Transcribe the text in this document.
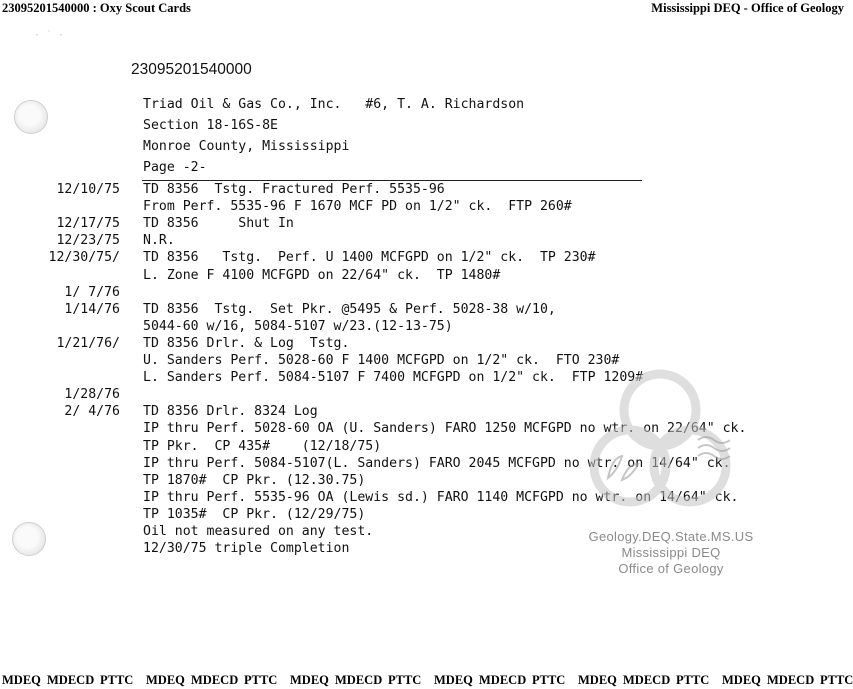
23095201540000 : Oxy Scout Cards	Mississippi DEQ - Office of Geology
· ˙ ·
23095201540000
Triad Oil & Gas Co., Inc.   #6, T. A. Richardson
Section 18-16S-8E
Monroe County, Mississippi
Page -2-
12/10/75 TD 8356  Tstg. Fractured Perf. 5535-96
From Perf. 5535-96 F 1670 MCF PD on 1/2" ck.  FTP 260#
12/17/75 TD 8356     Shut In
12/23/75 N.R.
12/30/75/ TD 8356   Tstg.  Perf. U 1400 MCFGPD on 1/2" ck.  TP 230#
L. Zone F 4100 MCFGPD on 22/64" ck.  TP 1480#
1/ 7/76
1/14/76 TD 8356  Tstg.  Set Pkr. @5495 & Perf. 5028-38 w/10,
5044-60 w/16, 5084-5107 w/23.(12-13-75)
1/21/76/ TD 8356 Drlr. & Log  Tstg.
U. Sanders Perf. 5028-60 F 1400 MCFGPD on 1/2" ck.  FTO 230#
L. Sanders Perf. 5084-5107 F 7400 MCFGPD on 1/2" ck.  FTP 1209#
1/28/76
2/ 4/76 TD 8356 Drlr. 8324 Log
IP thru Perf. 5028-60 OA (U. Sanders) FARO 1250 MCFGPD no wtr. on 22/64" ck.
TP Pkr.  CP 435#    (12/18/75)
IP thru Perf. 5084-5107(L. Sanders) FARO 2045 MCFGPD no wtr. on 14/64" ck.
TP 1870#  CP Pkr. (12.30.75)
IP thru Perf. 5535-96 OA (Lewis sd.) FARO 1140 MCFGPD no wtr. on 14/64" ck.
TP 1035#  CP Pkr. (12/29/75)
Oil not measured on any test.
12/30/75 triple Completion
Geology.DEQ.State.MS.US
Mississippi DEQ
Office of Geology
MDEQ MDECD PTTC MDEQ MDECD PTTC MDEQ MDECD PTTC MDEQ MDECD PTTC MDEQ MDECD PTTC MDEQ MDECD PTTC
